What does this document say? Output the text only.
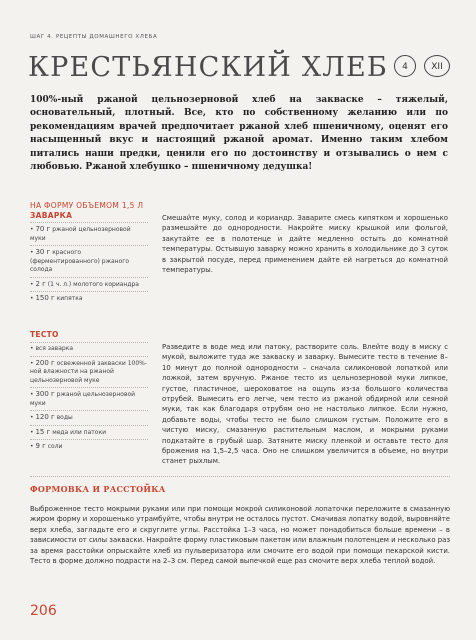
ШАГ 4. РЕЦЕПТЫ ДОМАШНЕГО ХЛЕБА
КРЕСТЬЯНСКИЙ ХЛЕБ	4	XII
100%-ный ржаной цельнозерновой хлеб на закваске – тяжелый, основательный, плотный. Все, кто по собственному желанию или по рекомендациям врачей предпочитает ржаной хлеб пшеничному, оценят его насыщенный вкус и настоящий ржаной аромат. Именно таким хлебом питались наши предки, ценили его по достоинству и отзывались о нем с любовью. Ржаной хлебушко – пшеничному дедушка!
НА ФОРМУ ОБЪЕМОМ 1,5 Л
ЗАВАРКА
• 70 г ржаной цельнозерновой муки
• 30 г красного (ферментированного) ржаного солода
• 2 г (1 ч. л.) молотого кориандра
• 150 г кипятка
Смешайте муку, солод и кориандр. Заварите смесь кипятком и хорошенько размешайте до однородности. Накройте миску крышкой или фольгой, закутайте ее в полотенце и дайте медленно остыть до комнатной температуры. Остывшую заварку можно хранить в холодильнике до 3 суток в закрытой посуде, перед применением дайте ей нагреться до комнатной температуры.
ТЕСТО
• вся заварка
• 200 г освеженной закваски 100%-ной влажности на ржаной цельнозерновой муке
• 300 г ржаной цельнозерновой муки
• 120 г воды
• 15 г меда или патоки
• 9 г соли
Разведите в воде мед или патоку, растворите соль. Влейте воду в миску с мукой, выложите туда же закваску и заварку. Вымесите тесто в течение 8–10 минут до полной однородности – сначала силиконовой лопаткой или ложкой, затем вручную. Ржаное тесто из цельнозерновой муки липкое, густое, пластичное, шероховатое на ощупь из-за большого количества отрубей. Вымесить его легче, чем тесто из ржаной обдирной или сеяной муки, так как благодаря отрубям оно не настолько липкое. Если нужно, добавьте воды, чтобы тесто не было слишком густым. Положите его в чистую миску, смазанную растительным маслом, и мокрыми руками подкатайте в грубый шар. Затяните миску пленкой и оставьте тесто для брожения на 1,5–2,5 часа. Оно не слишком увеличится в объеме, но внутри станет рыхлым.
ФОРМОВКА И РАССТОЙКА
Выброженное тесто мокрыми руками или при помощи мокрой силиконовой лопаточки переложите в смазанную жиром форму и хорошенько утрамбуйте, чтобы внутри не осталось пустот. Смачивая лопатку водой, выровняйте верх хлеба, загладьте его и скруглите углы. Расстойка 1–3 часа, но может понадобиться больше времени – в зависимости от силы закваски. Накройте форму пластиковым пакетом или влажным полотенцем и несколько раз за время расстойки опрыскайте хлеб из пульверизатора или смочите его водой при помощи пекарской кисти. Тесто в форме должно подрасти на 2–3 см. Перед самой выпечкой еще раз смочите верх хлеба теплой водой.
206
